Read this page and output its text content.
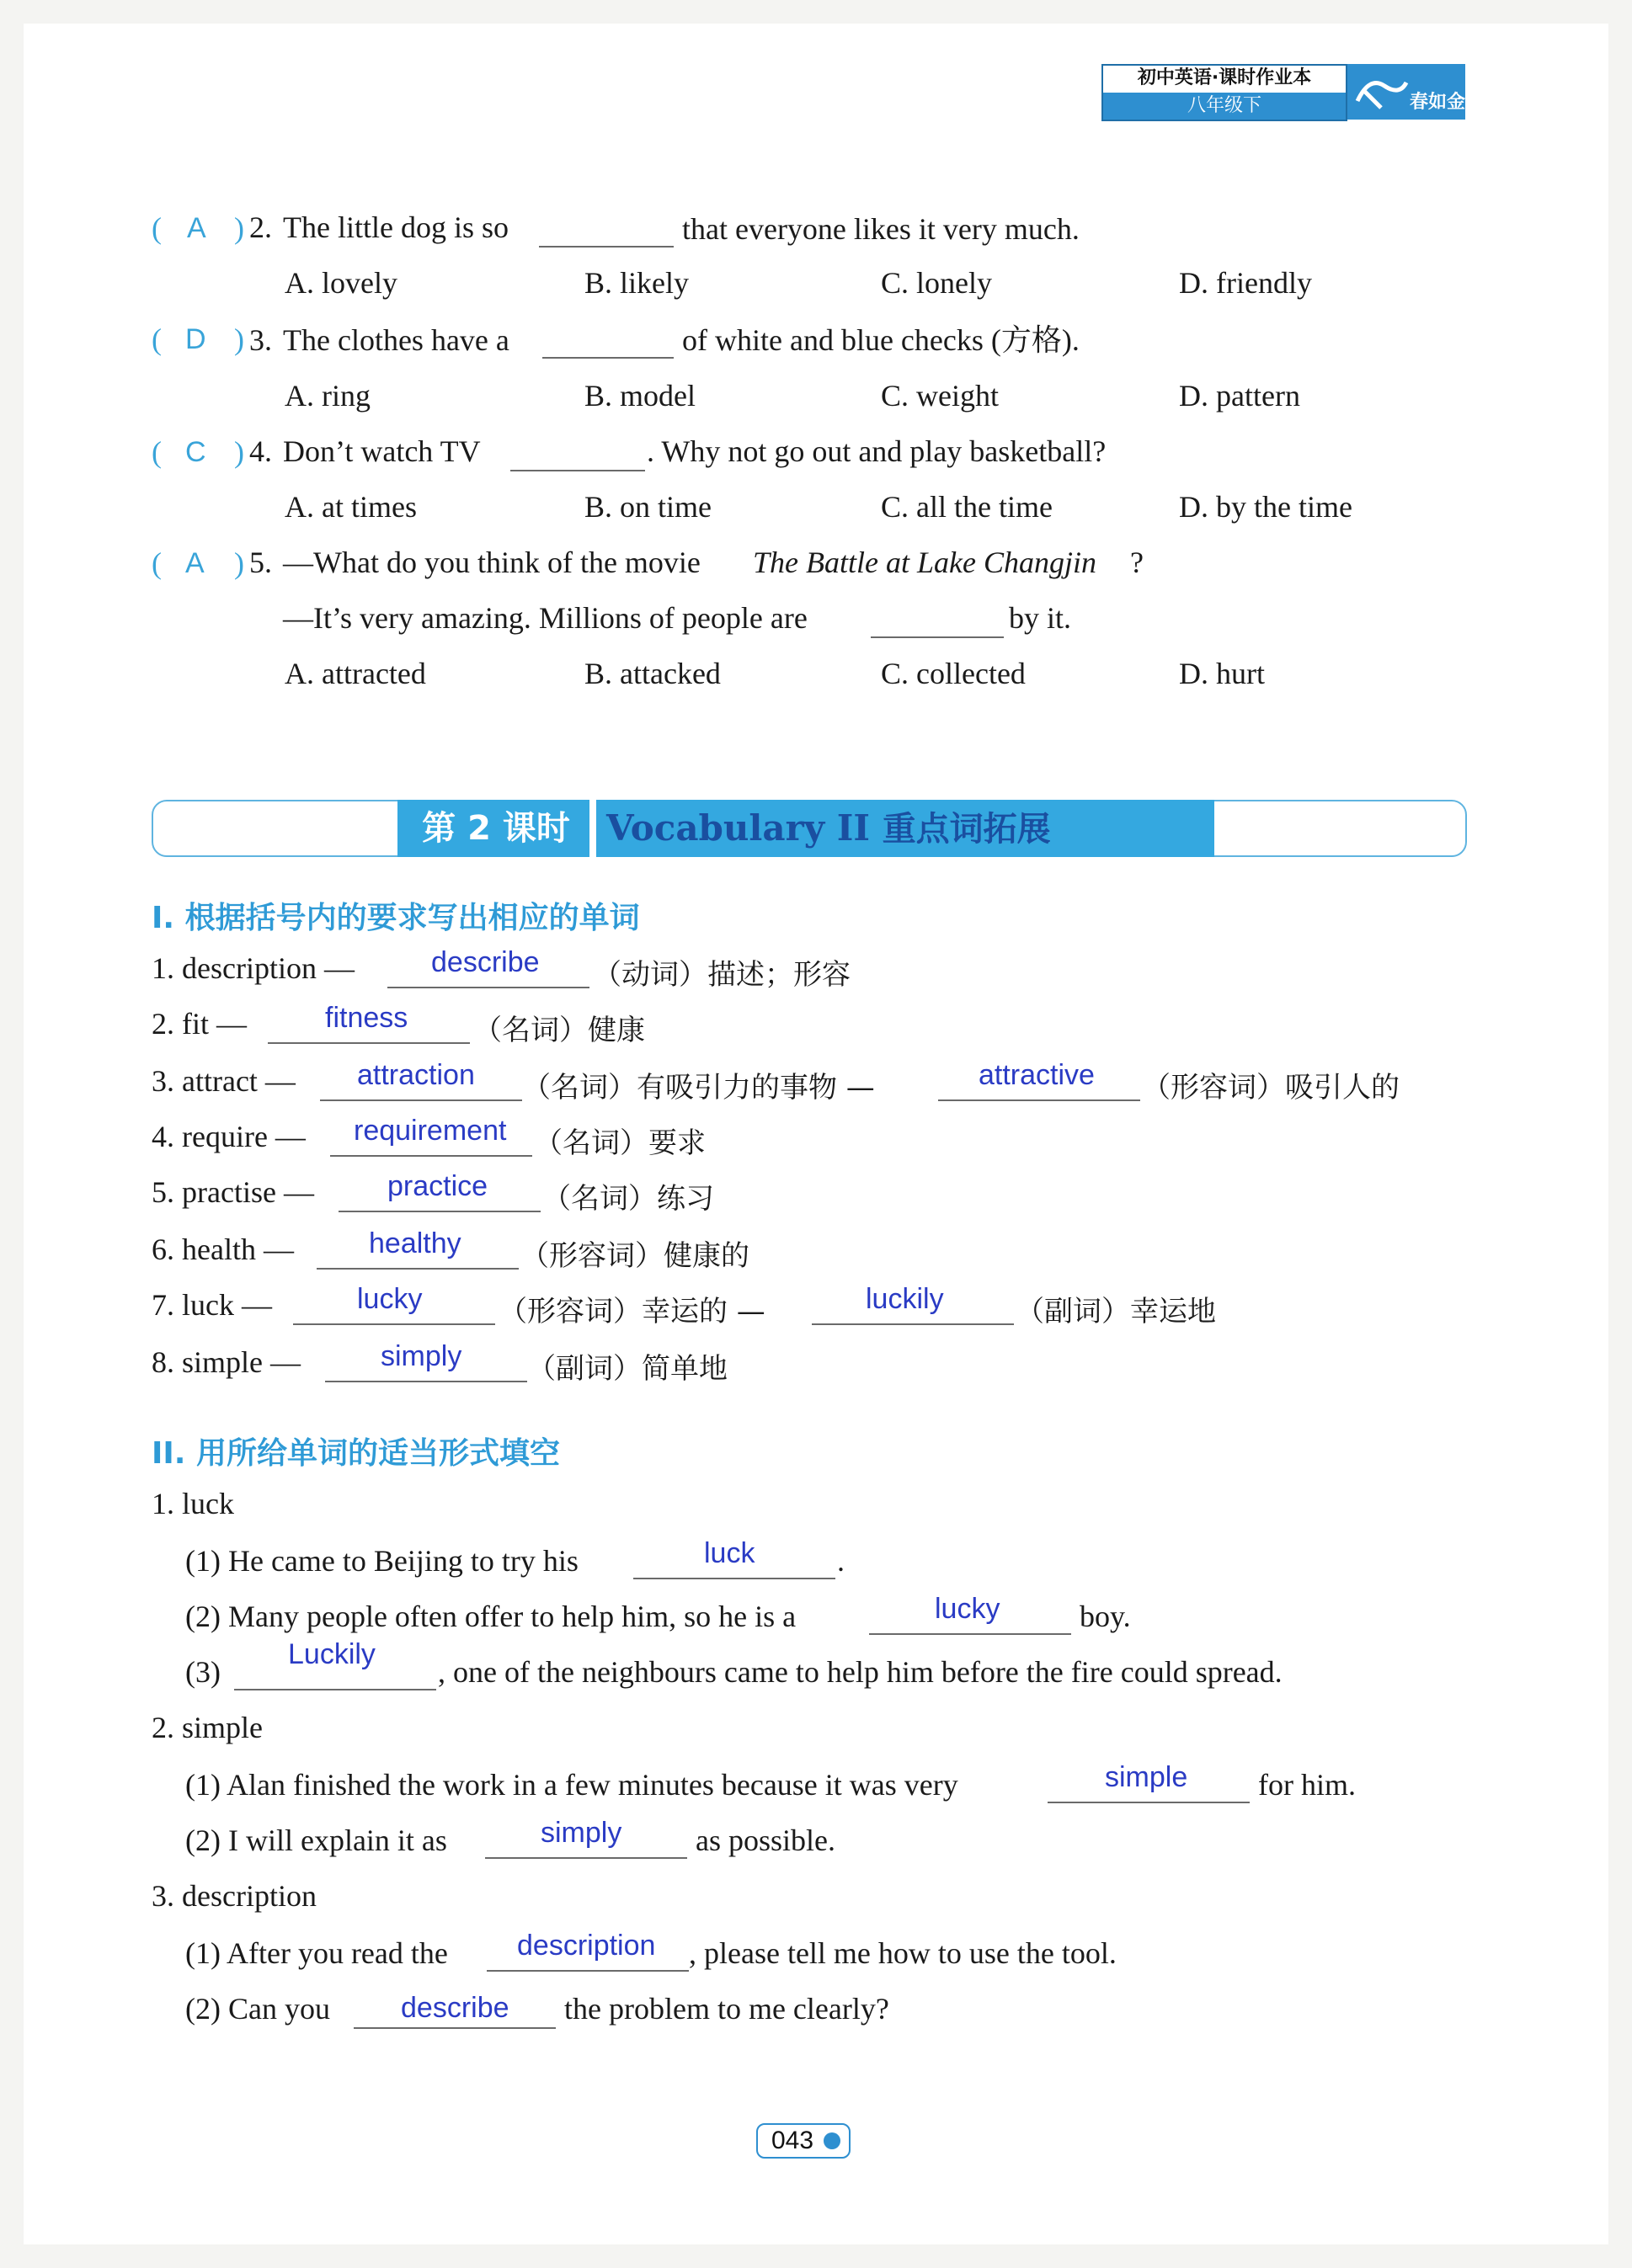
初中英语·课时作业本
八年级下	春如金卷
( A ) 2. The little dog is so	that everyone likes it very much.
A. lovely	B. likely	C. lonely	D. friendly
( D ) 3. The clothes have a	of white and blue checks (方格).
A. ring	B. model	C. weight	D. pattern
( C ) 4. Don’t watch TV	. Why not go out and play basketball?
A. at times	B. on time	C. all the time	D. by the time
( A ) 5. —What do you think of the movie The Battle at Lake Changjin ?
—It’s very amazing. Millions of people are	by it.
A. attracted	B. attacked	C. collected	D. hurt
第 2 课时	Vocabulary II 重点词拓展
I. 根据括号内的要求写出相应的单词
1. description —	describe （动词）描述；形容
2. fit —	fitness （名词）健康
3. attract — attraction （名词）有吸引力的事物 —	attractive （形容词）吸引人的
4. require — requirement （名词）要求
5. practise —	practice （名词）练习
6. health —	healthy （形容词）健康的
7. luck —	lucky	（形容词）幸运的 —	luckily	（副词）幸运地
8. simple —	simply （副词）简单地
II. 用所给单词的适当形式填空
1. luck
(1) He came to Beijing to try his	luck	.
(2) Many people often offer to help him, so he is a	lucky	boy.
(3)
Luckily
, one of the neighbours came to help him before the fire could spread.
2. simple
(1) Alan finished the work in a few minutes because it was very	simple for him.
(2) I will explain it as	simply as possible.
3. description
(1) After you read the description , please tell me how to use the tool.
(2) Can you describe the problem to me clearly?
043
